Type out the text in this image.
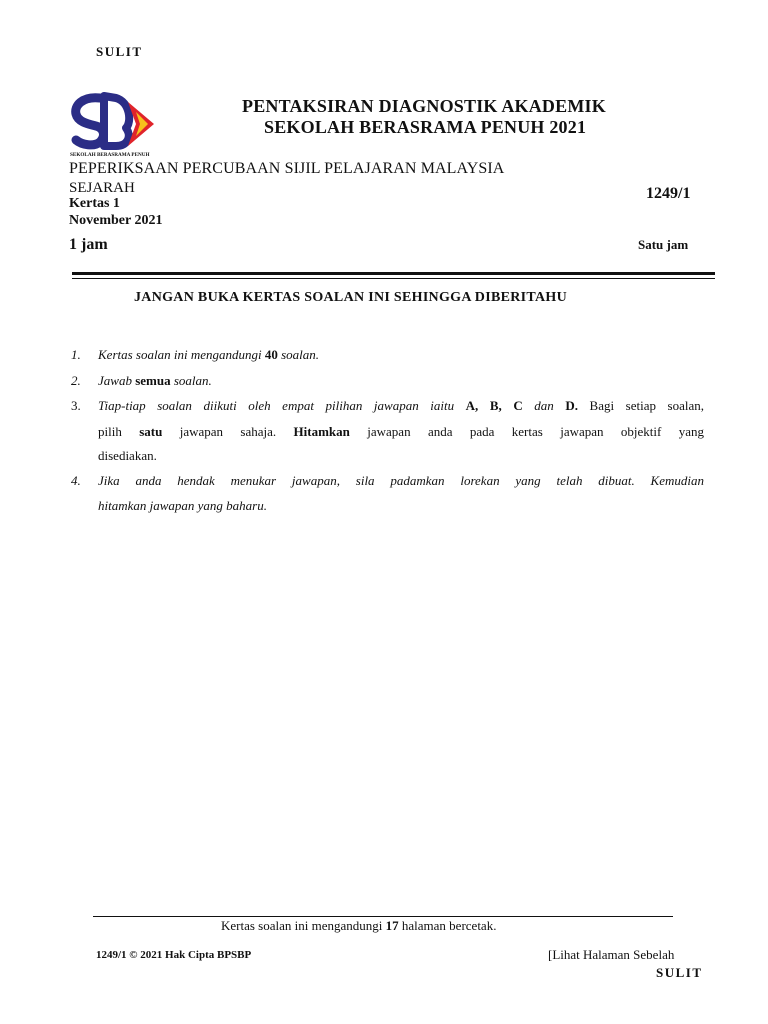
SULIT
SEKOLAH BERASRAMA PENUH
PENTAKSIRAN DIAGNOSTIK AKADEMIK
SEKOLAH BERASRAMA PENUH 2021
PEPERIKSAAN PERCUBAAN SIJIL PELAJARAN MALAYSIA
SEJARAH
Kertas 1
November 2021
1249/1
1 jam	Satu jam
JANGAN BUKA KERTAS SOALAN INI SEHINGGA DIBERITAHU
1. Kertas soalan ini mengandungi 40 soalan.
2. Jawab semua soalan.
3. Tiap-tiap soalan diikuti oleh empat pilihan jawapan iaitu A, B, C dan D. Bagi setiap soalan,
pilih satu jawapan sahaja. Hitamkan jawapan anda pada kertas jawapan objektif yang
disediakan.
4. Jika anda hendak menukar jawapan, sila padamkan lorekan yang telah dibuat. Kemudian
hitamkan jawapan yang baharu.
Kertas soalan ini mengandungi 17 halaman bercetak.
1249/1 © 2021 Hak Cipta BPSBP	[Lihat Halaman Sebelah
SULIT
